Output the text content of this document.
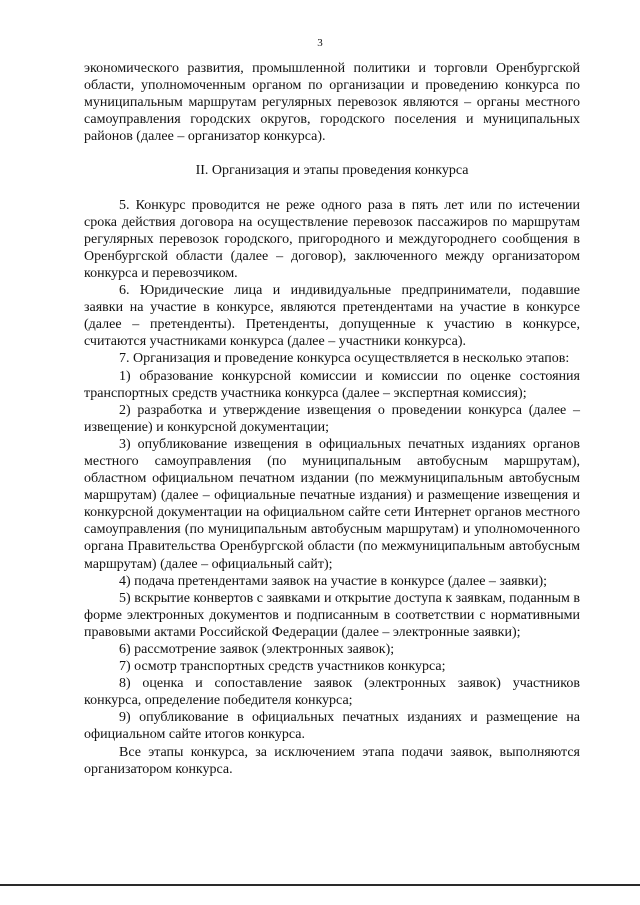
3

экономического развития, промышленной политики и торговли Оренбургской области, уполномоченным органом по организации и проведению конкурса по муниципальным маршрутам регулярных перевозок являются – органы местного самоуправления городских округов, городского поселения и муниципальных районов (далее – организатор конкурса).

II. Организация и этапы проведения конкурса

5. Конкурс проводится не реже одного раза в пять лет или по истечении срока действия договора на осуществление перевозок пассажиров по маршрутам регулярных перевозок городского, пригородного и междугороднего сообщения в Оренбургской области (далее – договор), заключенного между организатором конкурса и перевозчиком.

6. Юридические лица и индивидуальные предприниматели, подавшие заявки на участие в конкурсе, являются претендентами на участие в конкурсе (далее – претенденты). Претенденты, допущенные к участию в конкурсе, считаются участниками конкурса (далее – участники конкурса).

7. Организация и проведение конкурса осуществляется в несколько этапов:

1) образование конкурсной комиссии и комиссии по оценке состояния транспортных средств участника конкурса (далее – экспертная комиссия);

2) разработка и утверждение извещения о проведении конкурса (далее – извещение) и конкурсной документации;

3) опубликование извещения в официальных печатных изданиях органов местного самоуправления (по муниципальным автобусным маршрутам), областном официальном печатном издании (по межмуниципальным автобусным маршрутам) (далее – официальные печатные издания) и размещение извещения и конкурсной документации на официальном сайте сети Интернет органов местного самоуправления (по муниципальным автобусным маршрутам) и уполномоченного органа Правительства Оренбургской области (по межмуниципальным автобусным маршрутам) (далее – официальный сайт);

4) подача претендентами заявок на участие в конкурсе (далее – заявки);

5) вскрытие конвертов с заявками и открытие доступа к заявкам, поданным в форме электронных документов и подписанным в соответствии с нормативными правовыми актами Российской Федерации (далее – электронные заявки);

6) рассмотрение заявок (электронных заявок);

7) осмотр транспортных средств участников конкурса;

8) оценка и сопоставление заявок (электронных заявок) участников конкурса, определение победителя конкурса;

9) опубликование в официальных печатных изданиях и размещение на официальном сайте итогов конкурса.

Все этапы конкурса, за исключением этапа подачи заявок, выполняются организатором конкурса.
